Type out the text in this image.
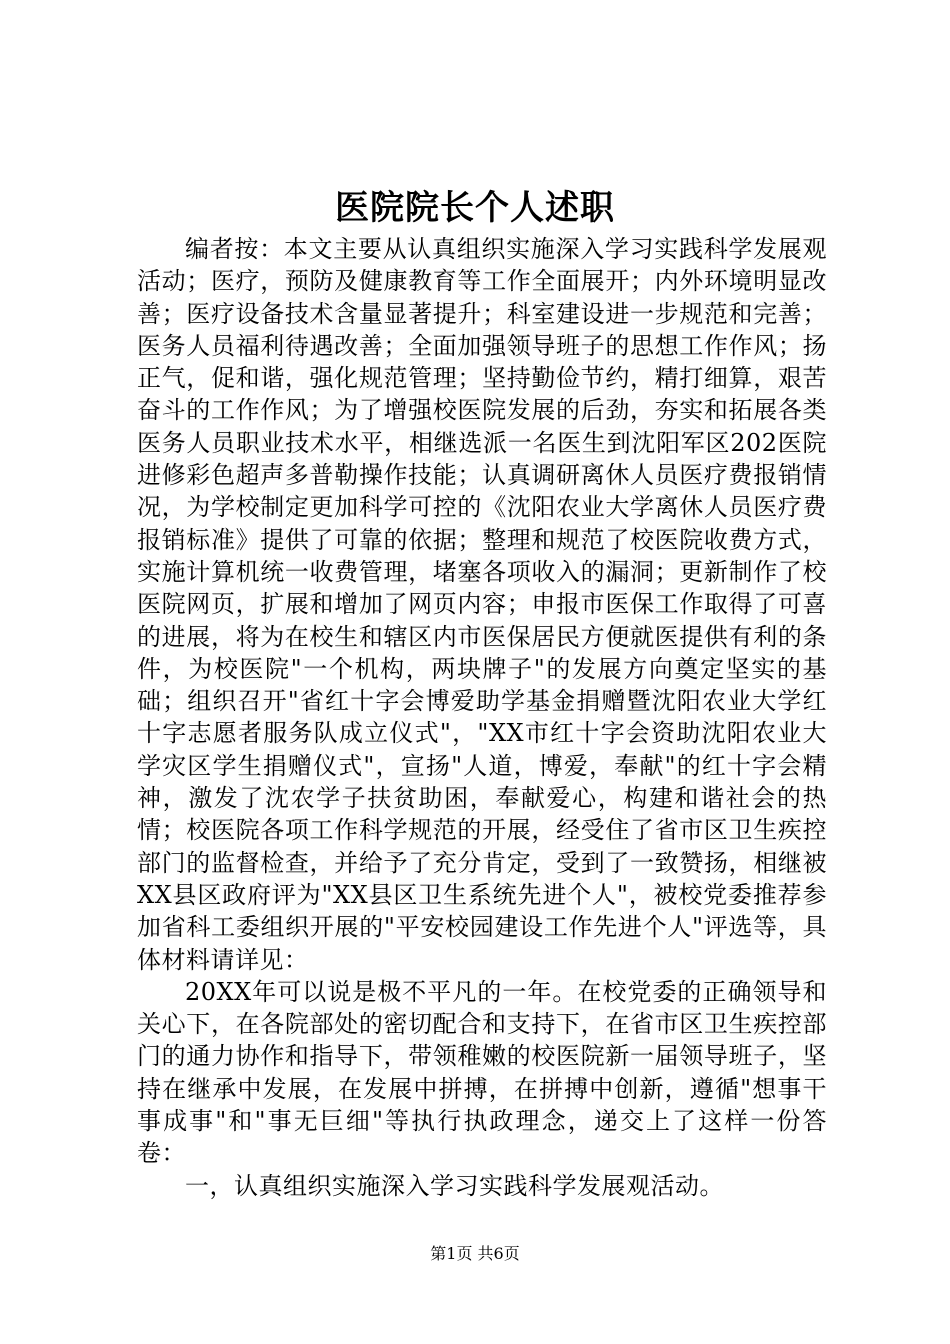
医院院长个人述职

编者按：本文主要从认真组织实施深入学习实践科学发展观活动；医疗，预防及健康教育等工作全面展开；内外环境明显改善；医疗设备技术含量显著提升；科室建设进一步规范和完善；医务人员福利待遇改善；全面加强领导班子的思想工作作风；扬正气，促和谐，强化规范管理；坚持勤俭节约，精打细算，艰苦奋斗的工作作风；为了增强校医院发展的后劲，夯实和拓展各类医务人员职业技术水平，相继选派一名医生到沈阳军区202医院进修彩色超声多普勒操作技能；认真调研离休人员医疗费报销情况，为学校制定更加科学可控的《沈阳农业大学离休人员医疗费报销标准》提供了可靠的依据；整理和规范了校医院收费方式，实施计算机统一收费管理，堵塞各项收入的漏洞；更新制作了校医院网页，扩展和增加了网页内容；申报市医保工作取得了可喜的进展，将为在校生和辖区内市医保居民方便就医提供有利的条件，为校医院"一个机构，两块牌子"的发展方向奠定坚实的基础；组织召开"省红十字会博爱助学基金捐赠暨沈阳农业大学红十字志愿者服务队成立仪式"，"XX市红十字会资助沈阳农业大学灾区学生捐赠仪式"，宣扬"人道，博爱，奉献"的红十字会精神，激发了沈农学子扶贫助困，奉献爱心，构建和谐社会的热情；校医院各项工作科学规范的开展，经受住了省市区卫生疾控部门的监督检查，并给予了充分肯定，受到了一致赞扬，相继被XX县区政府评为"XX县区卫生系统先进个人"，被校党委推荐参加省科工委组织开展的"平安校园建设工作先进个人"评选等，具体材料请详见：

20XX年可以说是极不平凡的一年。在校党委的正确领导和关心下，在各院部处的密切配合和支持下，在省市区卫生疾控部门的通力协作和指导下，带领稚嫩的校医院新一届领导班子，坚持在继承中发展，在发展中拼搏，在拼搏中创新，遵循"想事干事成事"和"事无巨细"等执行执政理念，递交上了这样一份答卷：

一，认真组织实施深入学习实践科学发展观活动。

第1页 共6页
